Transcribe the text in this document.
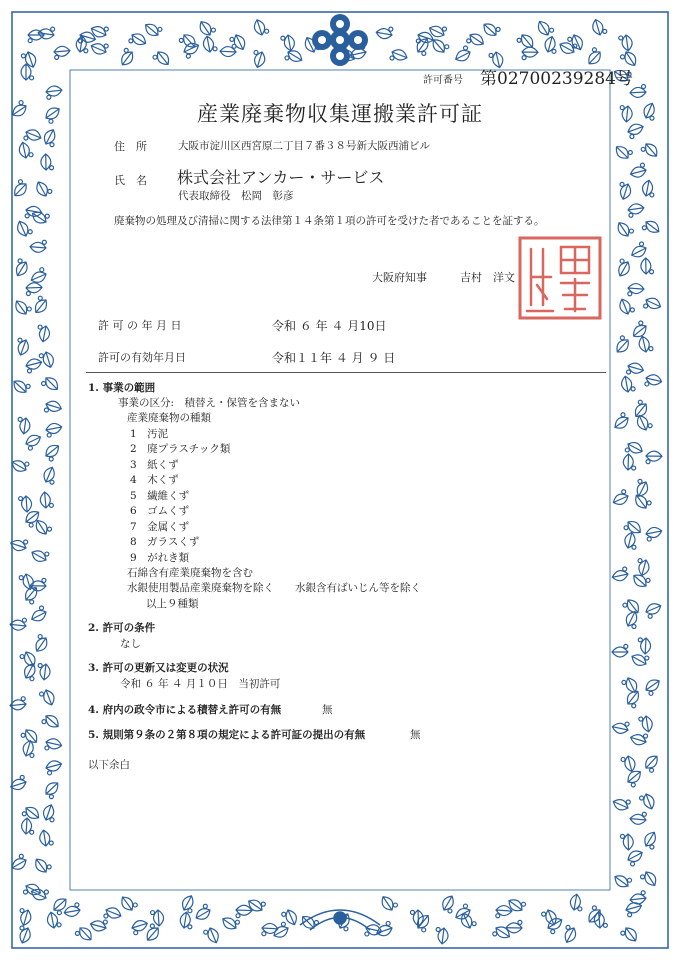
許可番号 第02700239284号
産業廃棄物収集運搬業許可証
住　所	大阪市淀川区西宮原二丁目７番３８号新大阪西浦ビル
氏　名 株式会社アンカー・サービス
代表取締役　松岡　彰彦
廃棄物の処理及び清掃に関する法律第１４条第１項の許可を受けた者であることを証する。
大阪府知事　　　吉村　洋文
許 可 の 年 月 日	令和 ６ 年 ４ 月10日
許可の有効年月日	令和１１年 ４ 月 ９ 日
1. 事業の範囲
事業の区分:　積替え・保管を含まない
産業廃棄物の種類
1　汚泥
2　廃プラスチック類
3　紙くず
4　木くず
5　繊維くず
6　ゴムくず
7　金属くず
8　ガラスくず
9　がれき類
石綿含有産業廃棄物を含む
水銀使用製品産業廃棄物を除く　　水銀含有ばいじん等を除く
以上９種類
2. 許可の条件
なし
3. 許可の更新又は変更の状況
令和 ６ 年 ４ 月１０日　当初許可
4. 府内の政令市による積替え許可の有無	無
5. 規則第９条の２第８項の規定による許可証の提出の有無	無
以下余白
